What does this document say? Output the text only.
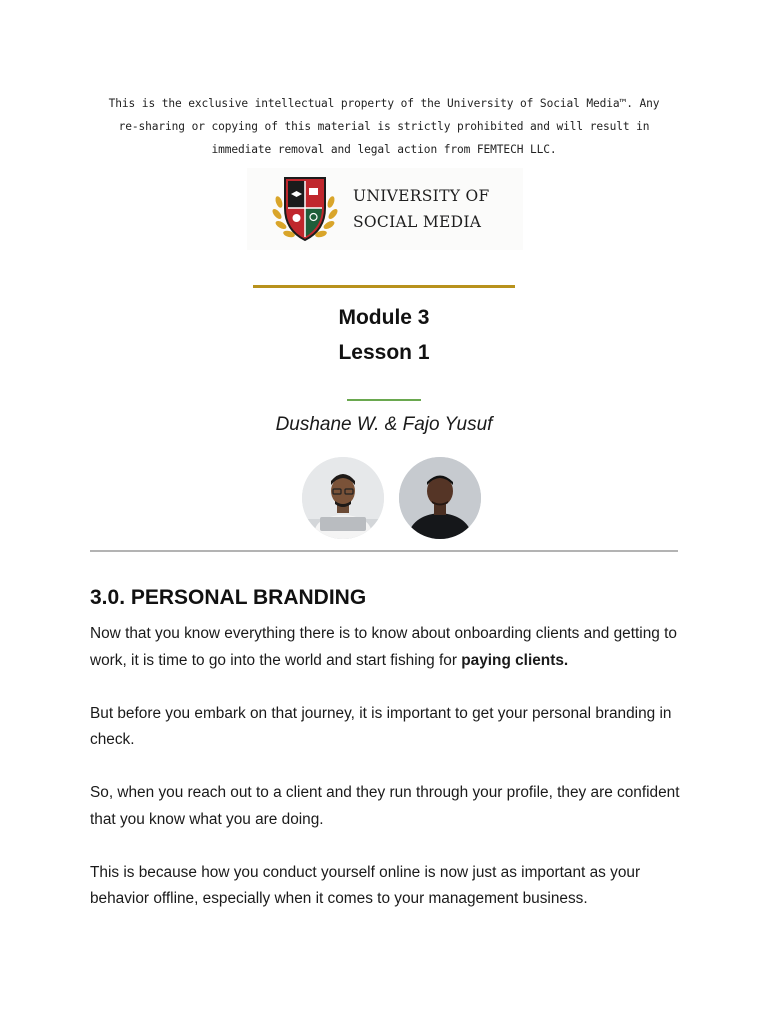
This is the exclusive intellectual property of the University of Social Media™. Any
re-sharing or copying of this material is strictly prohibited and will result in
immediate removal and legal action from FEMTECH LLC.
UNIVERSITY OF
SOCIAL MEDIA
Module 3
Lesson 1
Dushane W. & Fajo Yusuf
3.0. PERSONAL BRANDING

Now that you know everything there is to know about onboarding clients and getting to work, it is time to go into the world and start fishing for paying clients.

But before you embark on that journey, it is important to get your personal branding in check.

So, when you reach out to a client and they run through your profile, they are confident that you know what you are doing.

This is because how you conduct yourself online is now just as important as your behavior offline, especially when it comes to your management business.
